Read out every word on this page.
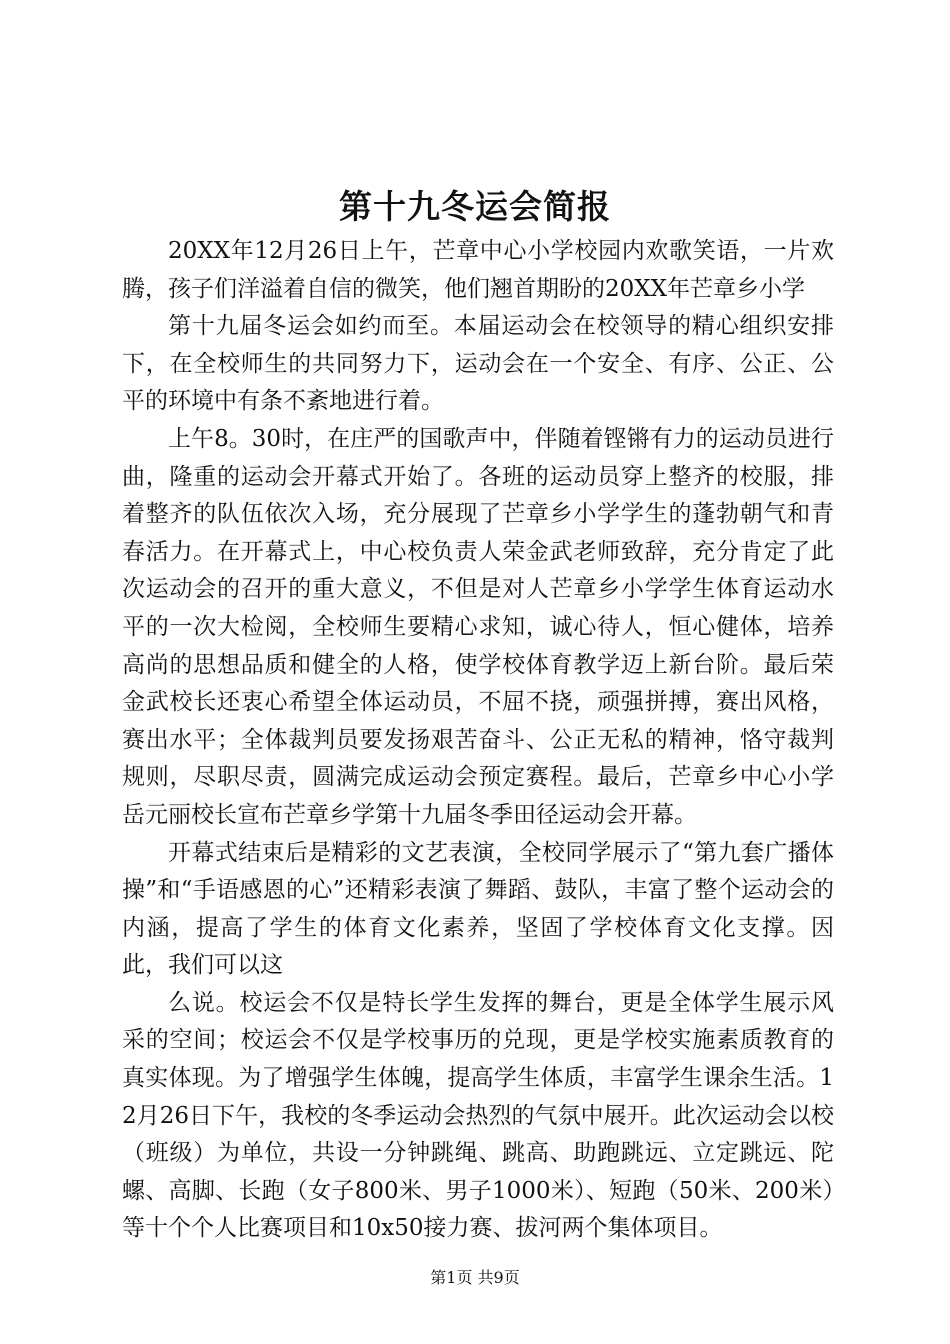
第十九冬运会简报

20XX年12月26日上午，芒章中心小学校园内欢歌笑语，一片欢腾，孩子们洋溢着自信的微笑，他们翘首期盼的20XX年芒章乡小学

第十九届冬运会如约而至。本届运动会在校领导的精心组织安排下，在全校师生的共同努力下，运动会在一个安全、有序、公正、公平的环境中有条不紊地进行着。

上午8。30时，在庄严的国歌声中，伴随着铿锵有力的运动员进行曲，隆重的运动会开幕式开始了。各班的运动员穿上整齐的校服，排着整齐的队伍依次入场，充分展现了芒章乡小学学生的蓬勃朝气和青春活力。在开幕式上，中心校负责人荣金武老师致辞，充分肯定了此次运动会的召开的重大意义，不但是对人芒章乡小学学生体育运动水平的一次大检阅，全校师生要精心求知，诚心待人，恒心健体，培养高尚的思想品质和健全的人格，使学校体育教学迈上新台阶。最后荣金武校长还衷心希望全体运动员，不屈不挠，顽强拼搏，赛出风格，赛出水平；全体裁判员要发扬艰苦奋斗、公正无私的精神，恪守裁判规则，尽职尽责，圆满完成运动会预定赛程。最后，芒章乡中心小学岳元丽校长宣布芒章乡学第十九届冬季田径运动会开幕。

开幕式结束后是精彩的文艺表演，全校同学展示了“第九套广播体操”和“手语感恩的心”还精彩表演了舞蹈、鼓队，丰富了整个运动会的内涵，提高了学生的体育文化素养，坚固了学校体育文化支撑。因此，我们可以这

么说。校运会不仅是特长学生发挥的舞台，更是全体学生展示风采的空间；校运会不仅是学校事历的兑现，更是学校实施素质教育的真实体现。为了增强学生体魄，提高学生体质，丰富学生课余生活。12月26日下午，我校的冬季运动会热烈的气氛中展开。此次运动会以校（班级）为单位，共设一分钟跳绳、跳高、助跑跳远、立定跳远、陀螺、高脚、长跑（女子800米、男子1000米）、短跑（50米、200米）等十个个人比赛项目和10x50接力赛、拔河两个集体项目。

第1页 共9页
